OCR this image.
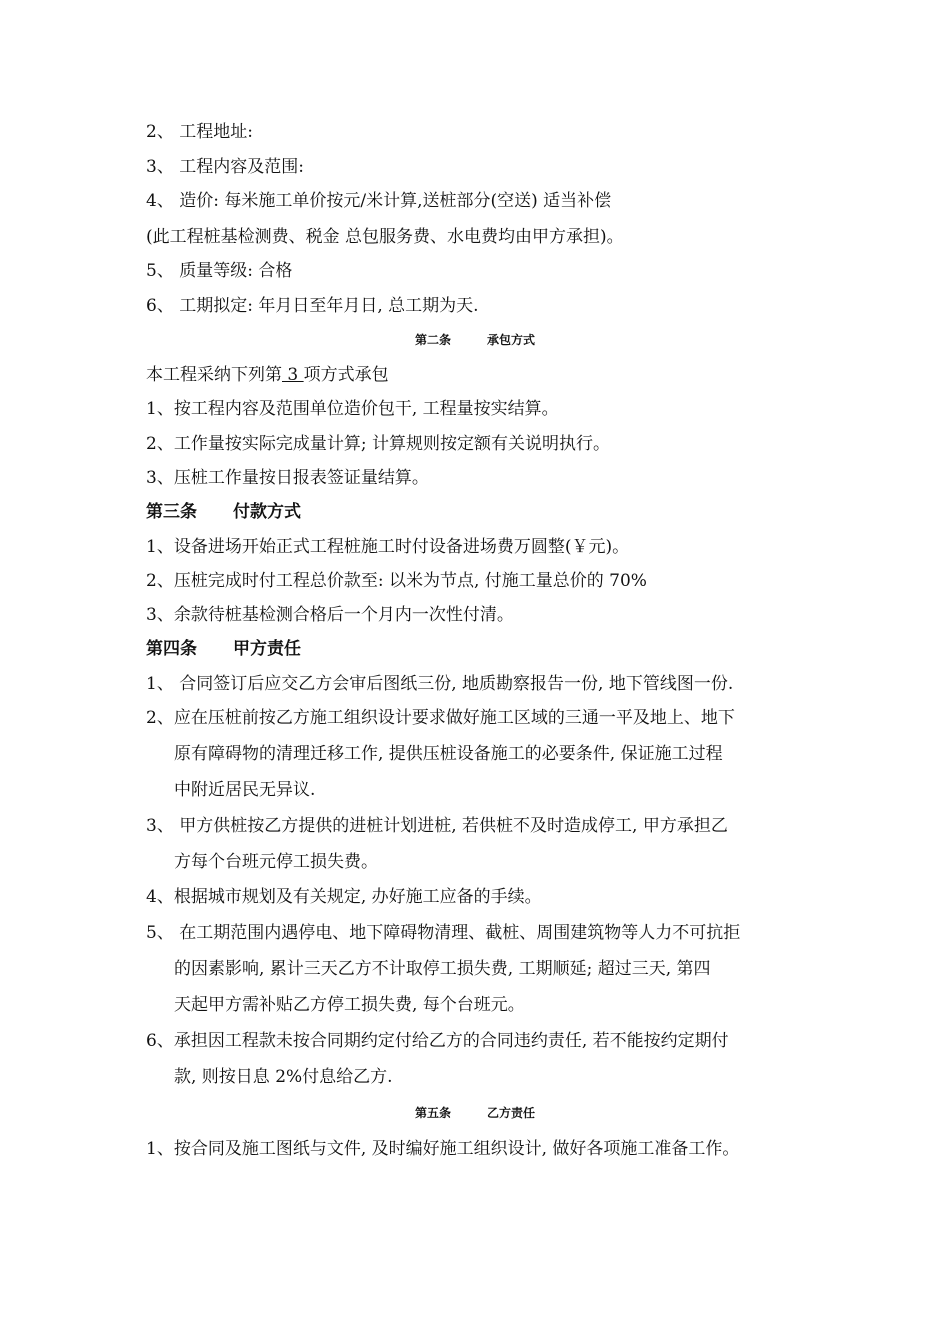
2、 工程地址:
3、 工程内容及范围:
4、 造价: 每米施工单价按元/米计算,送桩部分(空送) 适当补偿
(此工程桩基检测费、税金 总包服务费、水电费均由甲方承担)。
5、 质量等级: 合格
6、 工期拟定: 年月日至年月日, 总工期为天.
第二条	承包方式
本工程采纳下列第 3 项方式承包
1、按工程内容及范围单位造价包干, 工程量按实结算。
2、工作量按实际完成量计算; 计算规则按定额有关说明执行。
3、压桩工作量按日报表签证量结算。
第三条 付款方式
1、设备进场开始正式工程桩施工时付设备进场费万圆整(￥元)。
2、压桩完成时付工程总价款至: 以米为节点, 付施工量总价的 70%
3、余款待桩基检测合格后一个月内一次性付清。
第四条 甲方责任
1、 合同签订后应交乙方会审后图纸三份, 地质勘察报告一份, 地下管线图一份.
2、应在压桩前按乙方施工组织设计要求做好施工区域的三通一平及地上、地下
原有障碍物的清理迁移工作, 提供压桩设备施工的必要条件, 保证施工过程
中附近居民无异议.
3、 甲方供桩按乙方提供的进桩计划进桩, 若供桩不及时造成停工, 甲方承担乙
方每个台班元停工损失费。
4、根据城市规划及有关规定, 办好施工应备的手续。
5、 在工期范围内遇停电、地下障碍物清理、截桩、周围建筑物等人力不可抗拒
的因素影响, 累计三天乙方不计取停工损失费, 工期顺延; 超过三天, 第四
天起甲方需补贴乙方停工损失费, 每个台班元。
6、承担因工程款未按合同期约定付给乙方的合同违约责任, 若不能按约定期付
款, 则按日息 2%付息给乙方.
第五条	乙方责任
1、按合同及施工图纸与文件, 及时编好施工组织设计, 做好各项施工准备工作。
